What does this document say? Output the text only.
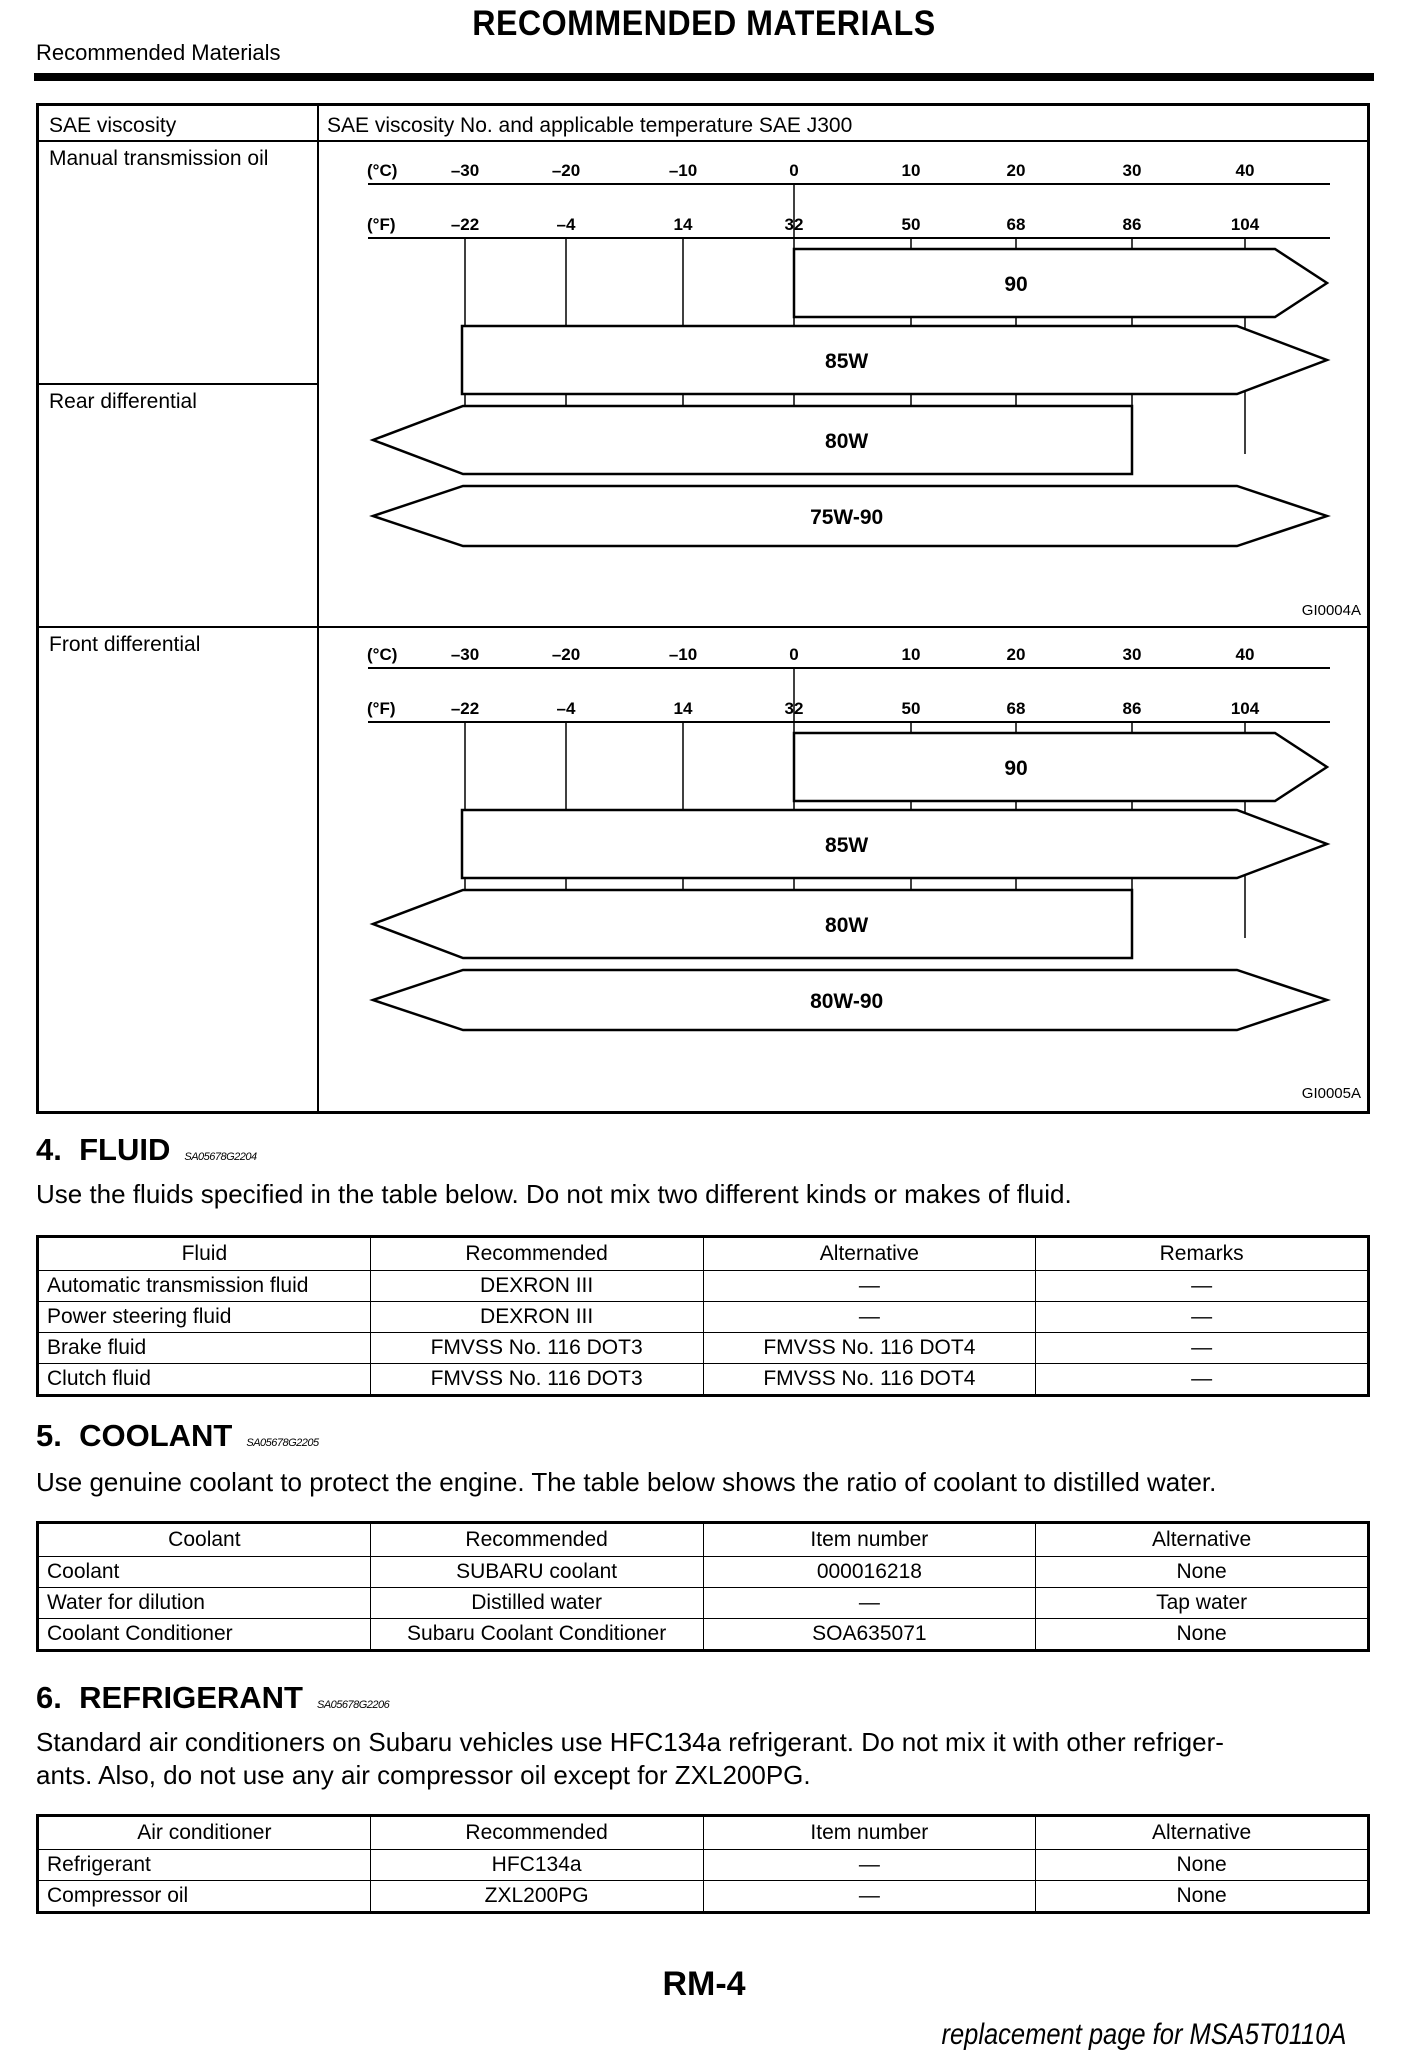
RECOMMENDED MATERIALS
Recommended Materials
SAE viscosity	SAE viscosity No. and applicable temperature SAE J300
Manual transmission oil
Rear differential
Front differential
(°C)
(°F)
–30	–20	–10	0	10	20	30	40
–22	–4	14	32	50	68	86	104
90
85W
80W
75W-90
GI0004A
(°C)
(°F)
–30	–20	–10	0	10	20	30	40
–22	–4	14	32	50	68	86	104
90
85W
80W
80W-90
GI0005A
4. FLUID SA05678G2204
Use the fluids specified in the table below. Do not mix two different kinds or makes of fluid.
Fluid	Recommended	Alternative	Remarks
Automatic transmission fluid	DEXRON III	—	—
Power steering fluid	DEXRON III	—	—
Brake fluid	FMVSS No. 116 DOT3	FMVSS No. 116 DOT4	—
Clutch fluid	FMVSS No. 116 DOT3	FMVSS No. 116 DOT4	—
5. COOLANT SA05678G2205
Use genuine coolant to protect the engine. The table below shows the ratio of coolant to distilled water.
Coolant	Recommended	Item number	Alternative
Coolant	SUBARU coolant	000016218	None
Water for dilution	Distilled water	—	Tap water
Coolant Conditioner	Subaru Coolant Conditioner	SOA635071	None
6. REFRIGERANT SA05678G2206
Standard air conditioners on Subaru vehicles use HFC134a refrigerant. Do not mix it with other refriger-
ants. Also, do not use any air compressor oil except for ZXL200PG.
Air conditioner	Recommended	Item number	Alternative
Refrigerant	HFC134a	—	None
Compressor oil	ZXL200PG	—	None
RM-4
replacement page for MSA5T0110A
